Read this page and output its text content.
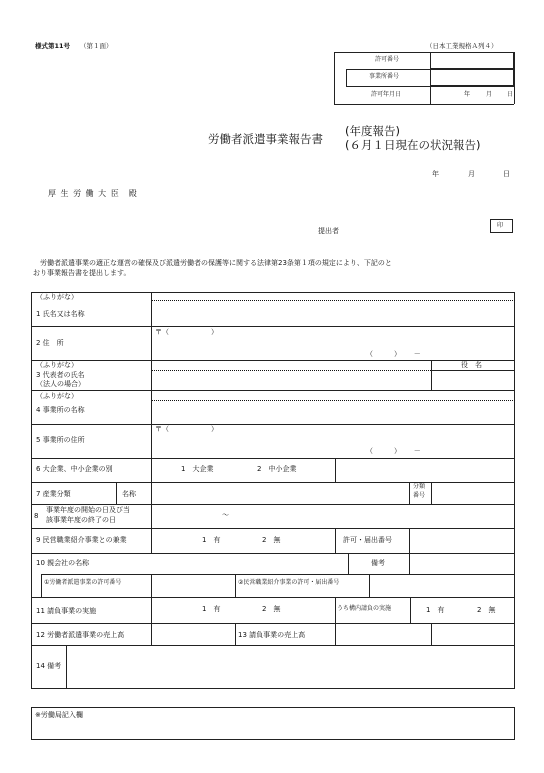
様式第11号 （第１面）	（日本工業規格Ａ列４）
許可番号
事業所番号
許可年月日	年	月 日
労働者派遣事業報告書
(年度報告)
(６月１日現在の状況報告)
年	月	日
厚 生 労 働 大 臣　殿
提出者
印
労働者派遣事業の適正な運営の確保及び派遣労働者の保護等に関する法律第23条第１項の規定により、下記のと
おり事業報告書を提出します。
（ふりがな）
1 氏名又は名称
2 住　所
〒（　　　　　　）
（　　　）　　 －
（ふりがな）
3 代表者の氏名
（法人の場合）
役　名
（ふりがな）
4 事業所の名称
5 事業所の住所
〒（　　　　　　）
（　　　）　　 －
6 大企業、中小企業の別	1　大企業	2　中小企業
7 産業分類	名称
分類
番号
8
事業年度の開始の日及び当
該事業年度の終了の日
～
9 民営職業紹介事業との兼業	1　有	2　無	許可・届出番号
10 親会社の名称	備考
①労働者派遣事業の許可番号	②民営職業紹介事業の許可・届出番号
11 請負事業の実施	1　有	2　無	うち構内請負の実施	1　有	2　無
12 労働者派遣事業の売上高	13 請負事業の売上高
14 備考
※労働局記入欄
